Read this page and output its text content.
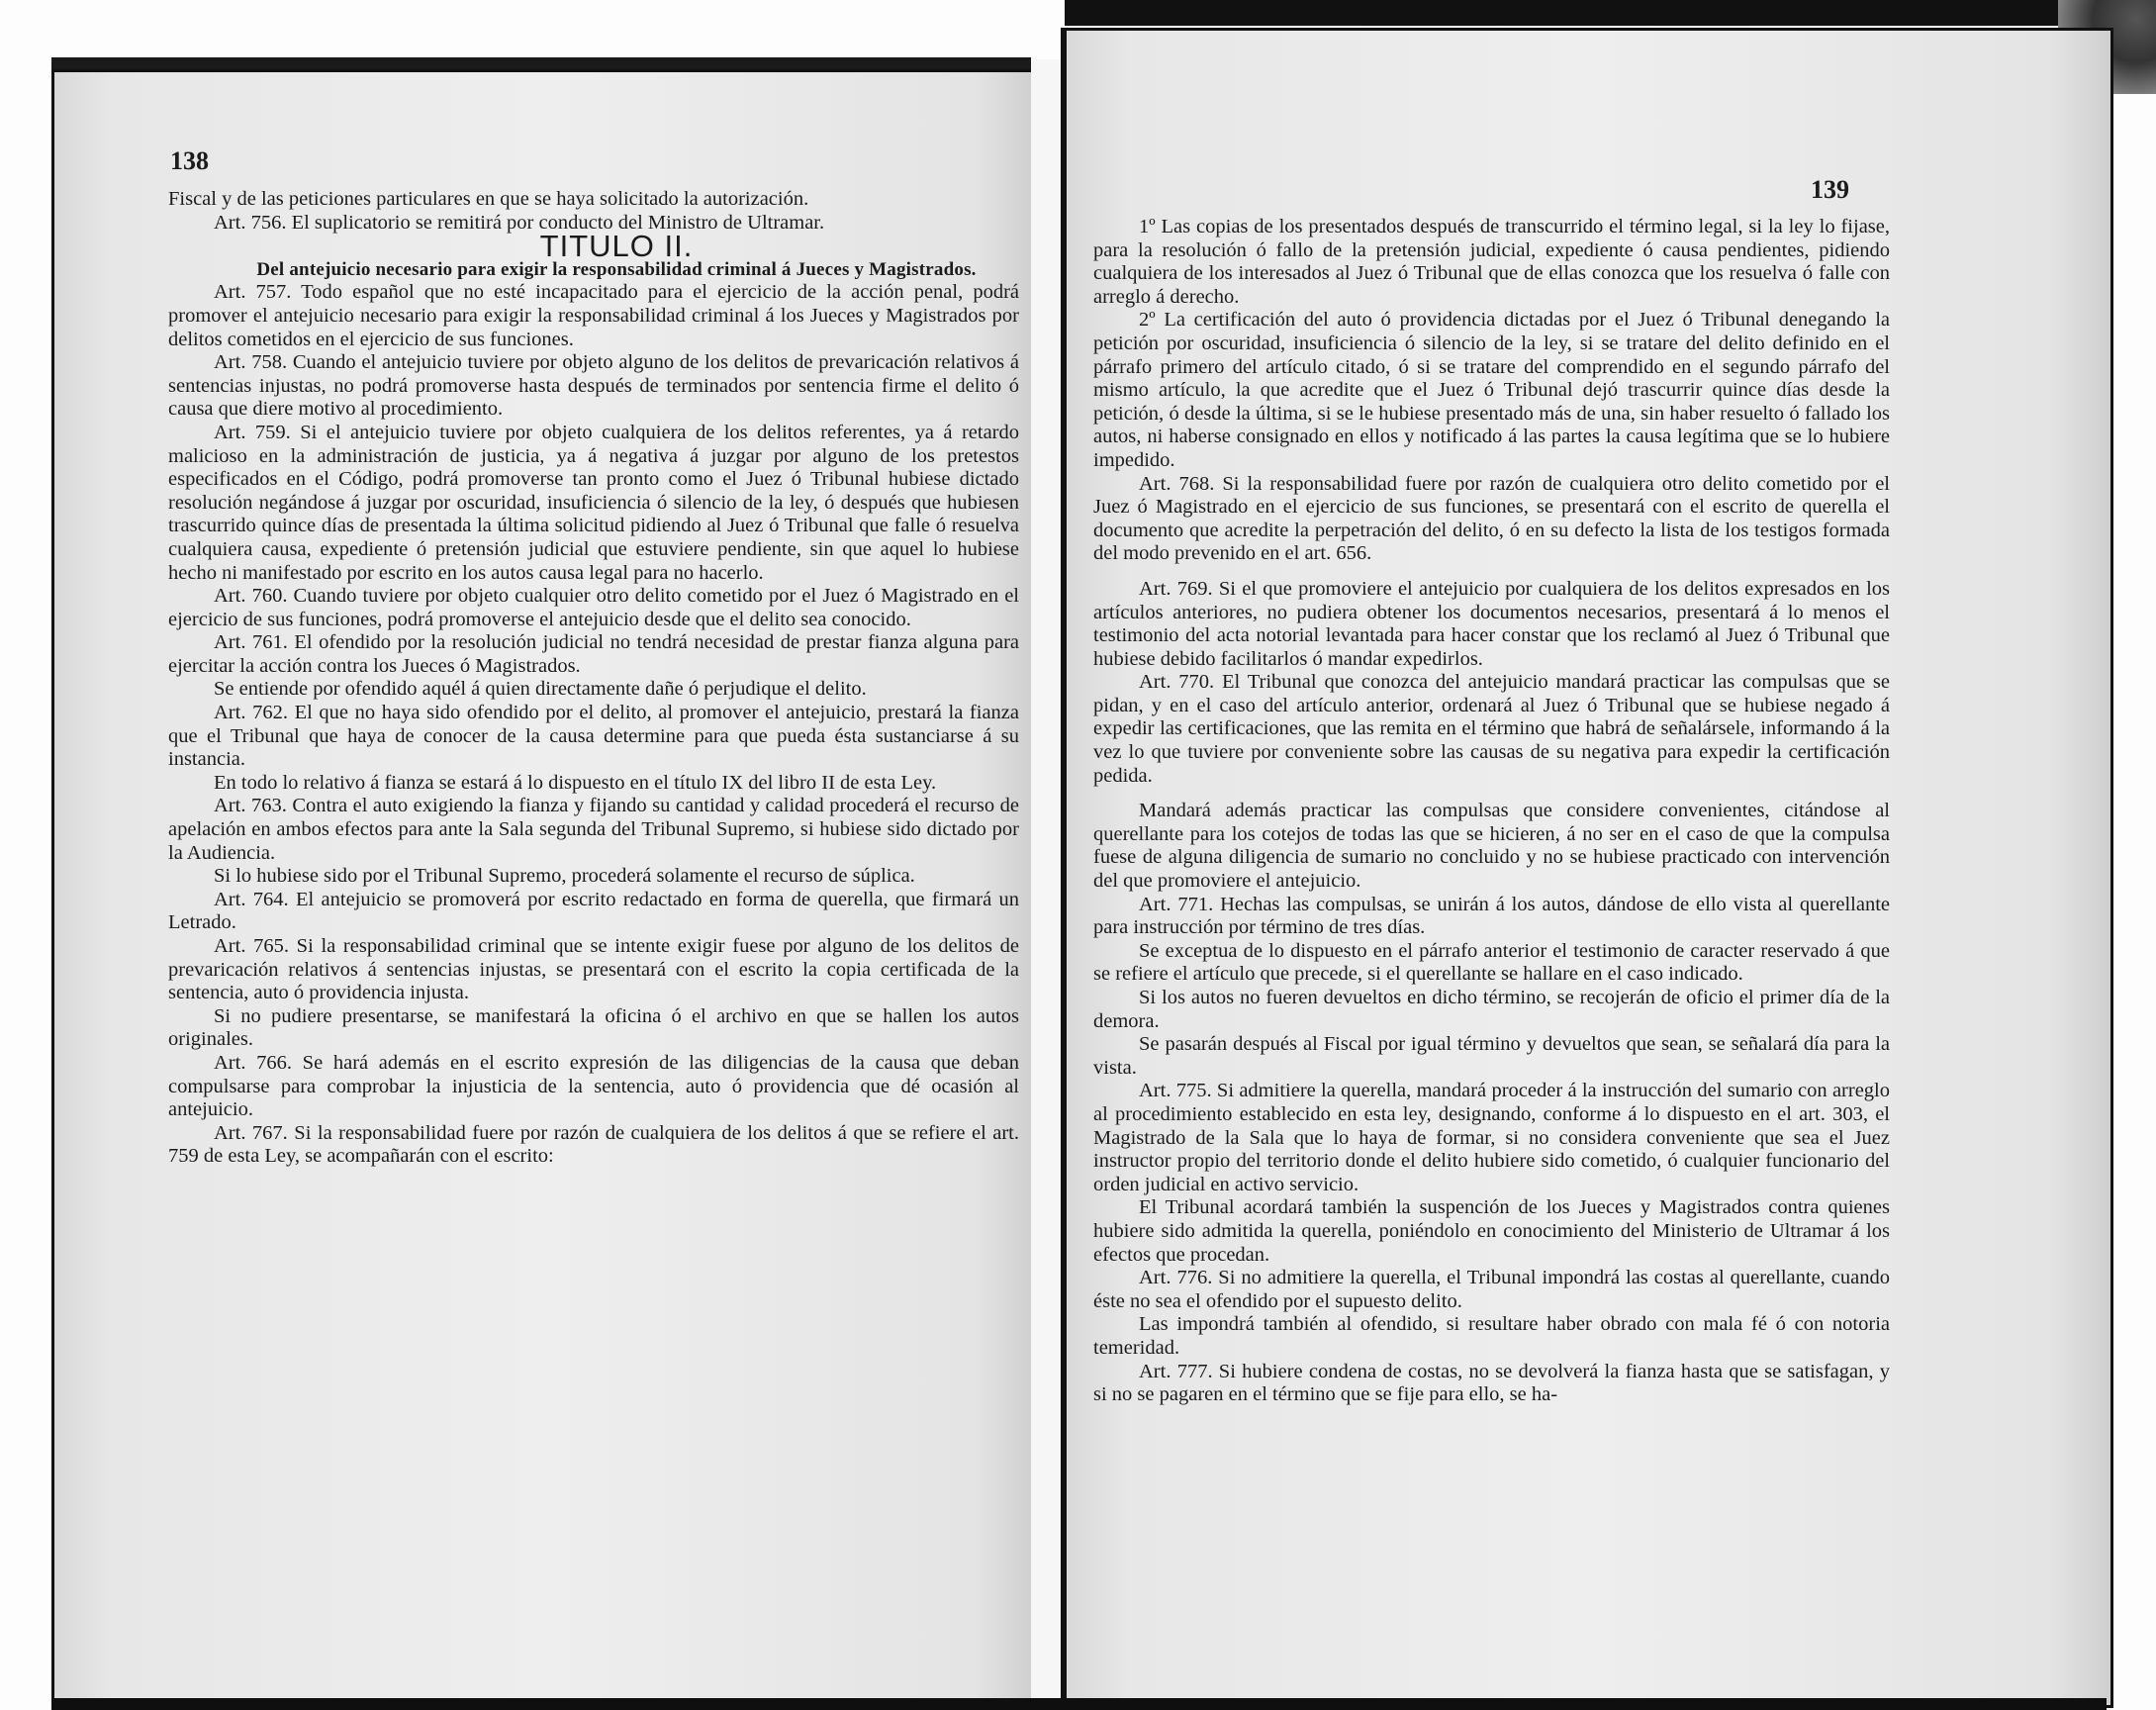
138
139

Fiscal y de las peticiones particulares en que se haya solicitado la autorización.

Art. 756. El suplicatorio se remitirá por conducto del Ministro de Ultramar.

TITULO II.

Del antejuicio necesario para exigir la responsabilidad criminal á Jueces y Magistrados.

Art. 757. Todo español que no esté incapacitado para el ejercicio de la acción penal, podrá promover el antejuicio necesario para exigir la responsabilidad criminal á los Jueces y Magistrados por delitos cometidos en el ejercicio de sus funciones.

Art. 758. Cuando el antejuicio tuviere por objeto alguno de los delitos de prevaricación relativos á sentencias injustas, no podrá promoverse hasta después de terminados por sentencia firme el delito ó causa que diere motivo al procedimiento.

Art. 759. Si el antejuicio tuviere por objeto cualquiera de los delitos referentes, ya á retardo malicioso en la administración de justicia, ya á negativa á juzgar por alguno de los pretestos especificados en el Código, podrá promoverse tan pronto como el Juez ó Tribunal hubiese dictado resolución negándose á juzgar por oscuridad, insuficiencia ó silencio de la ley, ó después que hubiesen trascurrido quince días de presentada la última solicitud pidiendo al Juez ó Tribunal que falle ó resuelva cualquiera causa, expediente ó pretensión judicial que estuviere pendiente, sin que aquel lo hubiese hecho ni manifestado por escrito en los autos causa legal para no hacerlo.

Art. 760. Cuando tuviere por objeto cualquier otro delito cometido por el Juez ó Magistrado en el ejercicio de sus funciones, podrá promoverse el antejuicio desde que el delito sea conocido.

Art. 761. El ofendido por la resolución judicial no tendrá necesidad de prestar fianza alguna para ejercitar la acción contra los Jueces ó Magistrados.

Se entiende por ofendido aquél á quien directamente dañe ó perjudique el delito.

Art. 762. El que no haya sido ofendido por el delito, al promover el antejuicio, prestará la fianza que el Tribunal que haya de conocer de la causa determine para que pueda ésta sustanciarse á su instancia.

En todo lo relativo á fianza se estará á lo dispuesto en el título IX del libro II de esta Ley.

Art. 763. Contra el auto exigiendo la fianza y fijando su cantidad y calidad procederá el recurso de apelación en ambos efectos para ante la Sala segunda del Tribunal Supremo, si hubiese sido dictado por la Audiencia.

Si lo hubiese sido por el Tribunal Supremo, procederá solamente el recurso de súplica.

Art. 764. El antejuicio se promoverá por escrito redactado en forma de querella, que firmará un Letrado.

Art. 765. Si la responsabilidad criminal que se intente exigir fuese por alguno de los delitos de prevaricación relativos á sentencias injustas, se presentará con el escrito la copia certificada de la sentencia, auto ó providencia injusta.

Si no pudiere presentarse, se manifestará la oficina ó el archivo en que se hallen los autos originales.

Art. 766. Se hará además en el escrito expresión de las diligencias de la causa que deban compulsarse para comprobar la injusticia de la sentencia, auto ó providencia que dé ocasión al antejuicio.

Art. 767. Si la responsabilidad fuere por razón de cualquiera de los delitos á que se refiere el art. 759 de esta Ley, se acompañarán con el escrito:

1º Las copias de los presentados después de transcurrido el término legal, si la ley lo fijase, para la resolución ó fallo de la pretensión judicial, expediente ó causa pendientes, pidiendo cualquiera de los interesados al Juez ó Tribunal que de ellas conozca que los resuelva ó falle con arreglo á derecho.

2º La certificación del auto ó providencia dictadas por el Juez ó Tribunal denegando la petición por oscuridad, insuficiencia ó silencio de la ley, si se tratare del delito definido en el párrafo primero del artículo citado, ó si se tratare del comprendido en el segundo párrafo del mismo artículo, la que acredite que el Juez ó Tribunal dejó trascurrir quince días desde la petición, ó desde la última, si se le hubiese presentado más de una, sin haber resuelto ó fallado los autos, ni haberse consignado en ellos y notificado á las partes la causa legítima que se lo hubiere impedido.

Art. 768. Si la responsabilidad fuere por razón de cualquiera otro delito cometido por el Juez ó Magistrado en el ejercicio de sus funciones, se presentará con el escrito de querella el documento que acredite la perpetración del delito, ó en su defecto la lista de los testigos formada del modo prevenido en el art. 656.

Art. 769. Si el que promoviere el antejuicio por cualquiera de los delitos expresados en los artículos anteriores, no pudiera obtener los documentos necesarios, presentará á lo menos el testimonio del acta notorial levantada para hacer constar que los reclamó al Juez ó Tribunal que hubiese debido facilitarlos ó mandar expedirlos.

Art. 770. El Tribunal que conozca del antejuicio mandará practicar las compulsas que se pidan, y en el caso del artículo anterior, ordenará al Juez ó Tribunal que se hubiese negado á expedir las certificaciones, que las remita en el término que habrá de señalársele, informando á la vez lo que tuviere por conveniente sobre las causas de su negativa para expedir la certificación pedida.

Mandará además practicar las compulsas que considere convenientes, citándose al querellante para los cotejos de todas las que se hicieren, á no ser en el caso de que la compulsa fuese de alguna diligencia de sumario no concluido y no se hubiese practicado con intervención del que promoviere el antejuicio.

Art. 771. Hechas las compulsas, se unirán á los autos, dándose de ello vista al querellante para instrucción por término de tres días.

Se exceptua de lo dispuesto en el párrafo anterior el testimonio de caracter reservado á que se refiere el artículo que precede, si el querellante se hallare en el caso indicado.

Si los autos no fueren devueltos en dicho término, se recojerán de oficio el primer día de la demora.

Se pasarán después al Fiscal por igual término y devueltos que sean, se señalará día para la vista.

Art. 775. Si admitiere la querella, mandará proceder á la instrucción del sumario con arreglo al procedimiento establecido en esta ley, designando, conforme á lo dispuesto en el art. 303, el Magistrado de la Sala que lo haya de formar, si no considera conveniente que sea el Juez instructor propio del territorio donde el delito hubiere sido cometido, ó cualquier funcionario del orden judicial en activo servicio.

El Tribunal acordará también la suspención de los Jueces y Magistrados contra quienes hubiere sido admitida la querella, poniéndolo en conocimiento del Ministerio de Ultramar á los efectos que procedan.

Art. 776. Si no admitiere la querella, el Tribunal impondrá las costas al querellante, cuando éste no sea el ofendido por el supuesto delito.

Las impondrá también al ofendido, si resultare haber obrado con mala fé ó con notoria temeridad.

Art. 777. Si hubiere condena de costas, no se devolverá la fianza hasta que se satisfagan, y si no se pagaren en el término que se fije para ello, se ha-
